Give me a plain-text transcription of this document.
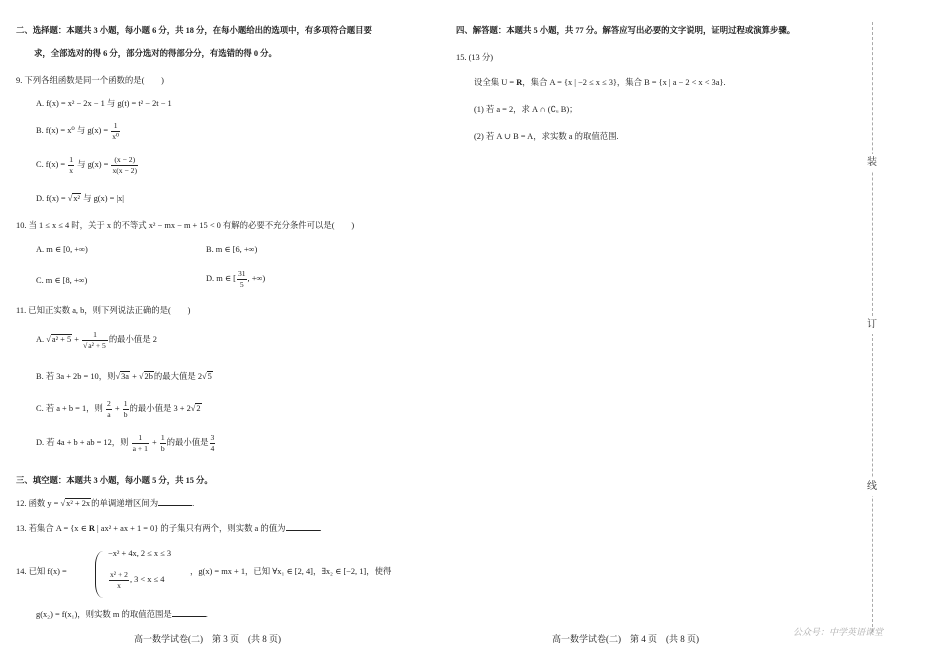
二、选择题：本题共 3 小题，每小题 6 分，共 18 分，在每小题给出的选项中，有多项符合题目要
求，全部选对的得 6 分，部分选对的得部分分，有选错的得 0 分。
9. 下列各组函数是同一个函数的是(　　)
A. f(x) = x² − 2x − 1 与 g(t) = t² − 2t − 1
B. f(x) = x⁰ 与 $g(x) = \frac{1}{\text{x⁰}}$
C. $f(x) = \frac{1}{x}$ 与 $g(x) = \frac{(x - 2)}{x(x - 2)}$
D. f(x) = √x² 与 g(x) = |x|
10. 当 1 ≤ x ≤ 4 时，关于 x 的不等式 x² − mx − m + 15 < 0 有解的必要不充分条件可以是(　　)
A. m ∈ [0, +∞)	B. m ∈ [6, +∞)
C. m ∈ [8, +∞)	D. m ∈ [ $\frac{31}{5}$ , +∞)
11. 已知正实数 a, b，则下列说法正确的是(　　)
A. $√a^2 + 5 + \frac{1}{\text{√a² + 5}}$ 的最小值是 2
B. 若 3a + 2b = 10，则√3a + √2b的最大值是 2√5
C. 若 a + b = 1，则 $\frac{2}{a} + \frac{1}{b}$ 的最小值是 3 + 2√2
D. 若 4a + b + ab = 12，则 $\frac{1}{a + 1} + \frac{1}{b}$ 的最小值是 $\frac{3}{4}$
三、填空题：本题共 3 小题，每小题 5 分，共 15 分。
12. 函数 y = √x² + 2x的单调递增区间为	.
13. 若集合 A = {x ∈ R | ax² + ax + 1 = 0} 的子集只有两个，则实数 a 的值为	.
14. 已知 f(x) =
−x² + 4x, 2 ≤ x ≤ 3
$\frac{\text{x² + 2}}{x}$ , 3 < x ≤ 4
，g(x) = mx + 1，已知 ∀x₁ ∈ [2, 4]，∃x₂ ∈ [−2, 1]，使得
g(x₂) = f(x₁)，则实数 m 的取值范围是	.
高一数学试卷(二)　第 3 页　(共 8 页)
四、解答题：本题共 5 小题，共 77 分。解答应写出必要的文字说明，证明过程或演算步骤。
15. (13 分)
设全集 U = R，集合 A = {x | −2 ≤ x ≤ 3}，集合 B = {x | a − 2 < x < 3a}.
(1) 若 a = 2，求 A ∩ (∁ᵤ B)；
(2) 若 A ∪ B = A，求实数 a 的取值范围.
高一数学试卷(二)　第 4 页　(共 8 页)
装
订
线
公众号：中学英语课堂
